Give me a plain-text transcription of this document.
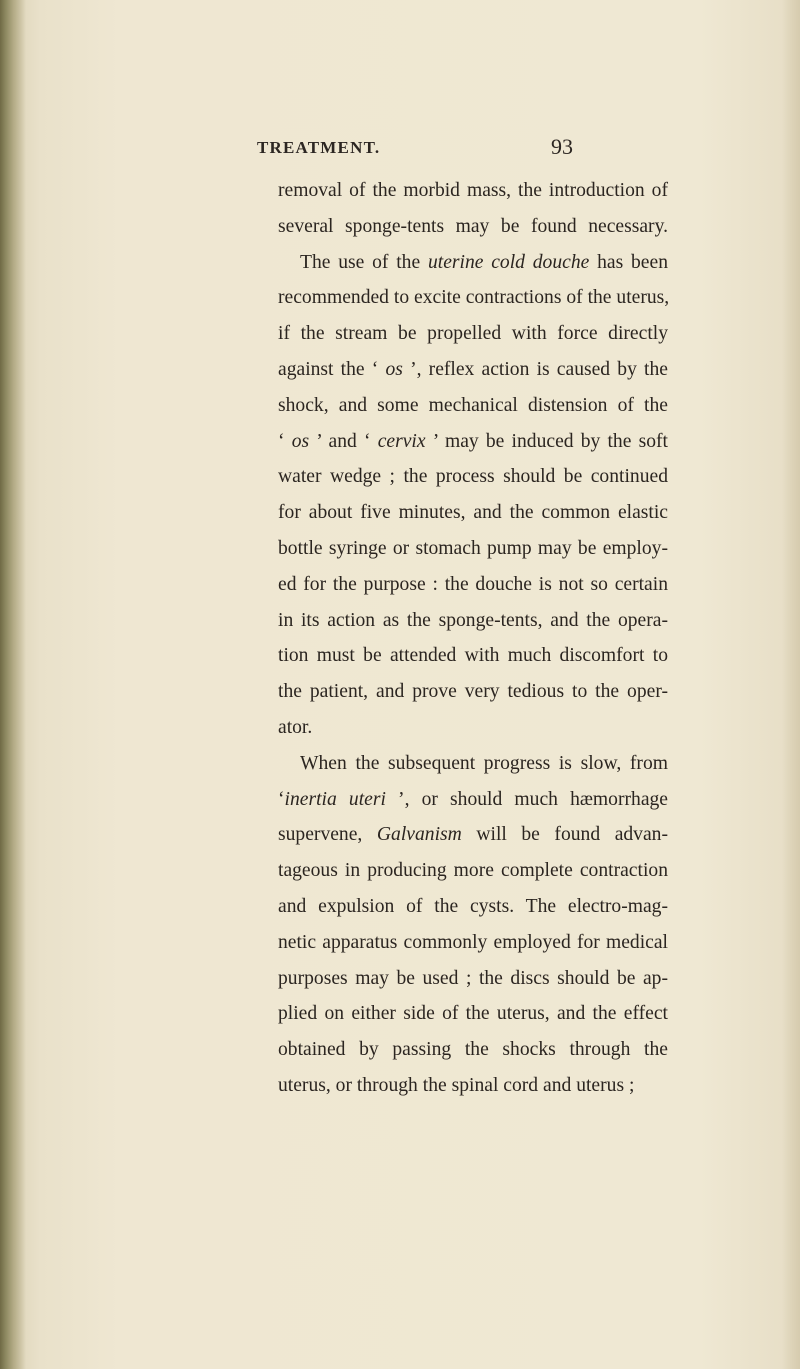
TREATMENT.	93
removal of the morbid mass, the introduction of
several sponge-tents may be found necessary.
The use of the uterine cold douche has been
recommended to excite contractions of the uterus,
if the stream be propelled with force directly
against the ‘ os ’, reflex action is caused by the
shock, and some mechanical distension of the
‘ os ’ and ‘ cervix ’ may be induced by the soft
water wedge ; the process should be continued
for about five minutes, and the common elastic
bottle syringe or stomach pump may be employ-
ed for the purpose : the douche is not so certain
in its action as the sponge-tents, and the opera-
tion must be attended with much discomfort to
the patient, and prove very tedious to the oper-
ator.
When the subsequent progress is slow, from
‘inertia uteri ’, or should much hæmorrhage
supervene, Galvanism will be found advan-
tageous in producing more complete contraction
and expulsion of the cysts. The electro-mag-
netic apparatus commonly employed for medical
purposes may be used ; the discs should be ap-
plied on either side of the uterus, and the effect
obtained by passing the shocks through the
uterus, or through the spinal cord and uterus ;
